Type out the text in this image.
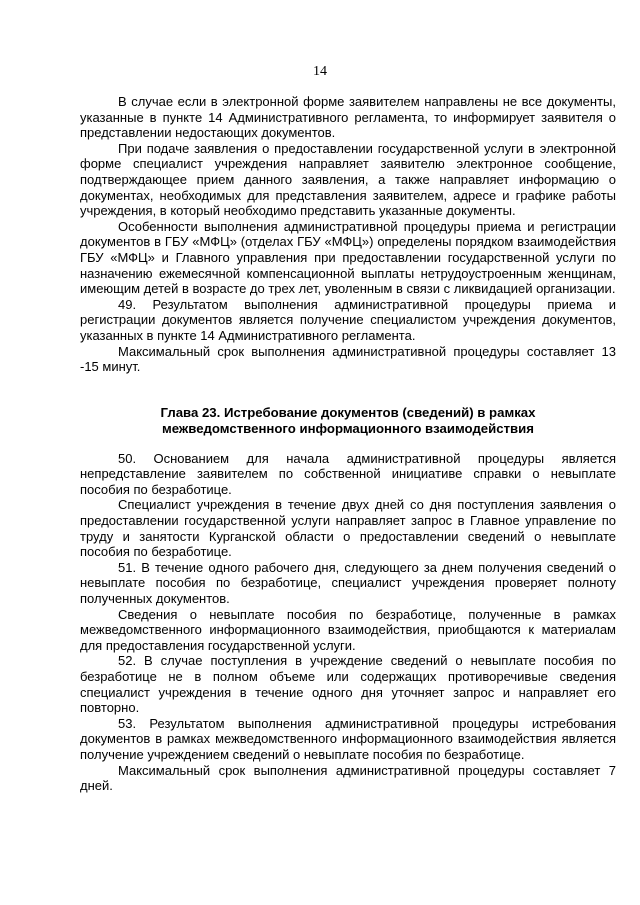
14

В случае если в электронной форме заявителем направлены не все документы, указанные в пункте 14 Административного регламента, то информирует заявителя о представлении недостающих документов.

При подаче заявления о предоставлении государственной услуги в электронной форме специалист учреждения направляет заявителю электронное сообщение, подтверждающее прием данного заявления, а также направляет информацию о документах, необходимых для представления заявителем, адресе и графике работы учреждения, в который необходимо представить указанные документы.

Особенности выполнения административной процедуры приема и регистрации документов в ГБУ «МФЦ» (отделах ГБУ «МФЦ») определены порядком взаимодействия ГБУ «МФЦ» и Главного управления при предоставлении государственной услуги по назначению ежемесячной компенсационной выплаты нетрудоустроенным женщинам, имеющим детей в возрасте до трех лет, уволенным в связи с ликвидацией организации.

49. Результатом выполнения административной процедуры приема и регистрации документов является получение специалистом учреждения документов, указанных в пункте 14 Административного регламента.

Максимальный срок выполнения административной процедуры составляет 13 -15 минут.

Глава 23. Истребование документов (сведений) в рамках межведомственного информационного взаимодействия

50. Основанием для начала административной процедуры является непредставление заявителем по собственной инициативе справки о невыплате пособия по безработице.

Специалист учреждения в течение двух дней со дня поступления заявления о предоставлении государственной услуги направляет запрос в Главное управление по труду и занятости Курганской области о предоставлении сведений о невыплате пособия по безработице.

51. В течение одного рабочего дня, следующего за днем получения сведений о невыплате пособия по безработице, специалист учреждения проверяет полноту полученных документов.

Сведения о невыплате пособия по безработице, полученные в рамках межведомственного информационного взаимодействия, приобщаются к материалам для предоставления государственной услуги.

52. В случае поступления в учреждение сведений о невыплате пособия по безработице не в полном объеме или содержащих противоречивые сведения специалист учреждения в течение одного дня уточняет запрос и направляет его повторно.

53. Результатом выполнения административной процедуры истребования документов в рамках межведомственного информационного взаимодействия является получение учреждением сведений о невыплате пособия по безработице.

Максимальный срок выполнения административной процедуры составляет 7 дней.
